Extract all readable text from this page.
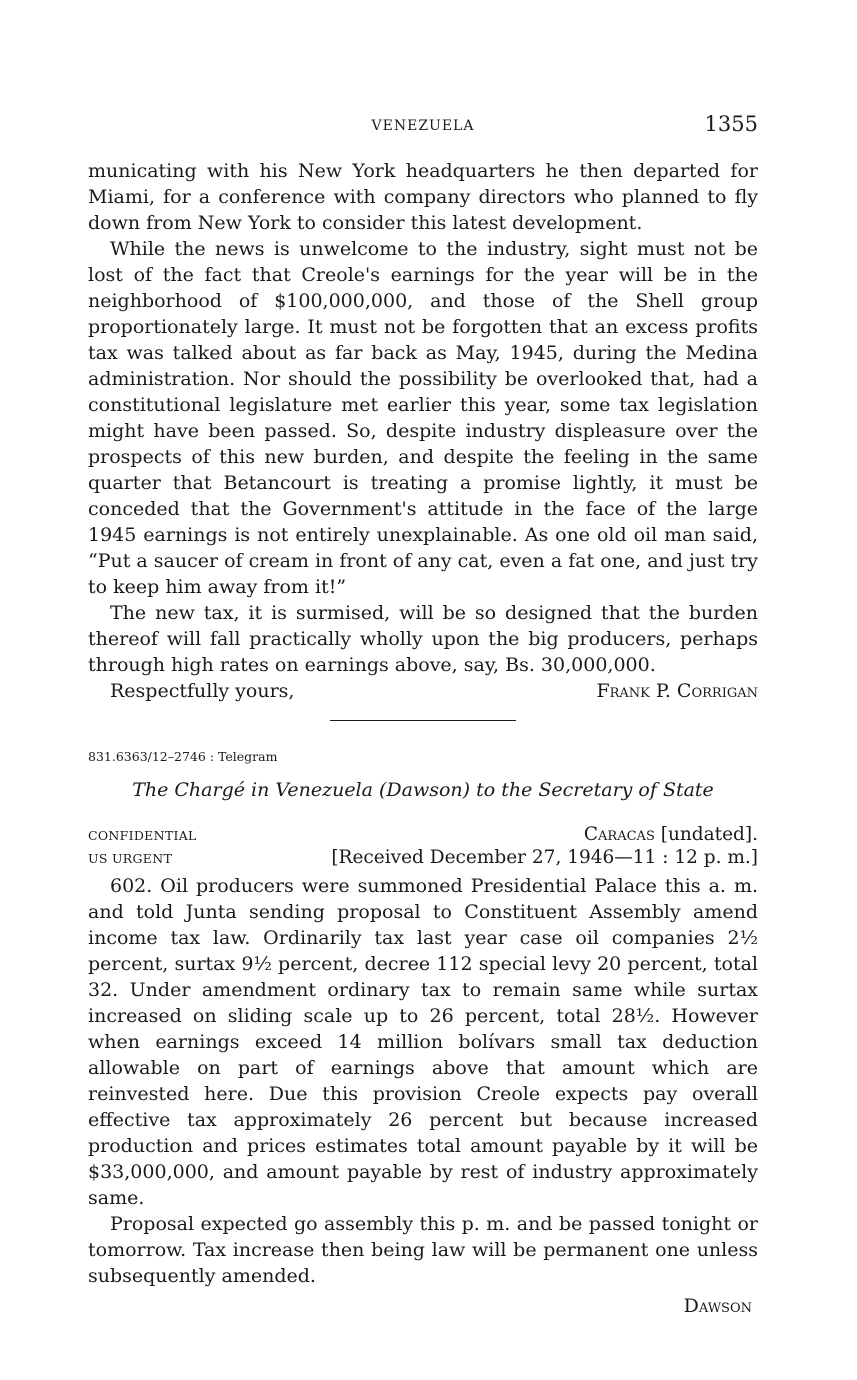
VENEZUELA	1355

municating with his New York headquarters he then departed for Miami, for a conference with company directors who planned to fly down from New York to consider this latest development.

While the news is unwelcome to the industry, sight must not be lost of the fact that Creole's earnings for the year will be in the neighborhood of $100,000,000, and those of the Shell group proportionately large. It must not be forgotten that an excess profits tax was talked about as far back as May, 1945, during the Medina administration. Nor should the possibility be overlooked that, had a constitutional legislature met earlier this year, some tax legislation might have been passed. So, despite industry displeasure over the prospects of this new burden, and despite the feeling in the same quarter that Betancourt is treating a promise lightly, it must be conceded that the Government's attitude in the face of the large 1945 earnings is not entirely unexplainable. As one old oil man said, “Put a saucer of cream in front of any cat, even a fat one, and just try to keep him away from it!”

The new tax, it is surmised, will be so designed that the burden thereof will fall practically wholly upon the big producers, perhaps through high rates on earnings above, say, Bs. 30,000,000.

Respectfully yours,	Frank P. Corrigan
831.6363/12–2746 : Telegram
The Chargé in Venezuela (Dawson) to the Secretary of State
CONFIDENTIAL	Caracas [undated].
US URGENT	[Received December 27, 1946—11 : 12 p. m.]

602. Oil producers were summoned Presidential Palace this a. m. and told Junta sending proposal to Constituent Assembly amend income tax law. Ordinarily tax last year case oil companies 2½ percent, surtax 9½ percent, decree 112 special levy 20 percent, total 32. Under amendment ordinary tax to remain same while surtax increased on sliding scale up to 26 percent, total 28½. However when earnings exceed 14 million bolívars small tax deduction allowable on part of earnings above that amount which are reinvested here. Due this provision Creole expects pay overall effective tax approximately 26 percent but because increased production and prices estimates total amount payable by it will be $33,000,000, and amount payable by rest of industry approximately same.

Proposal expected go assembly this p. m. and be passed tonight or tomorrow. Tax increase then being law will be permanent one unless subsequently amended.

Dawson
